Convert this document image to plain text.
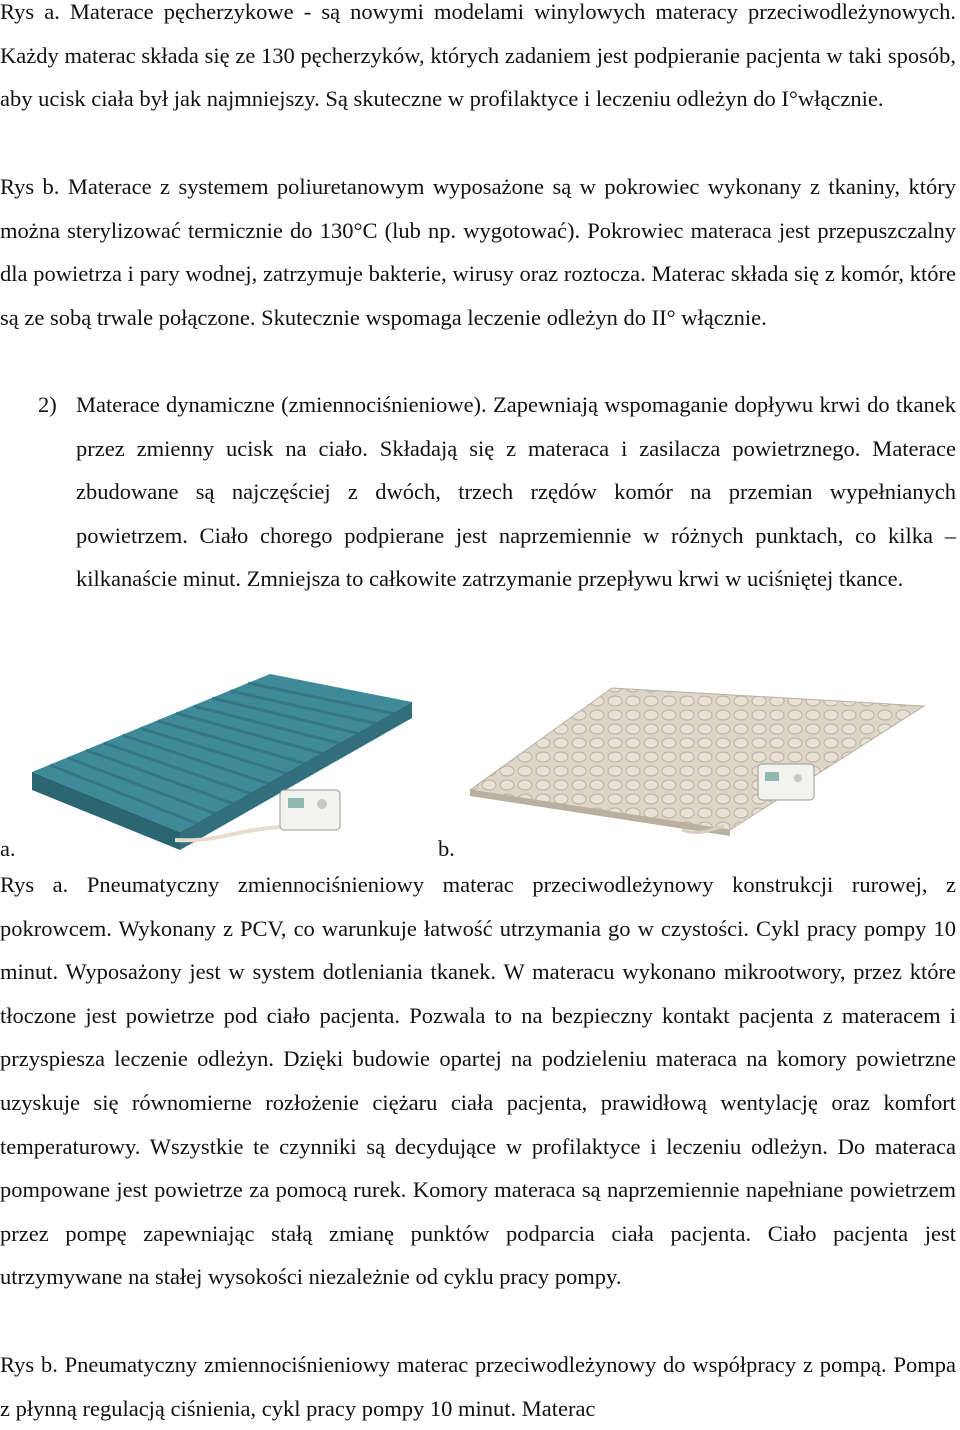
Rys a. Materace pęcherzykowe - są nowymi modelami winylowych materacy przeciwodleżynowych. Każdy materac składa się ze 130 pęcherzyków, których zadaniem jest podpieranie pacjenta w taki sposób, aby ucisk ciała był jak najmniejszy. Są skuteczne w profilaktyce i leczeniu odleżyn do I°włącznie.

Rys b. Materace z systemem poliuretanowym wyposażone są w pokrowiec wykonany z tkaniny, który można sterylizować termicznie do 130°C (lub np. wygotować). Pokrowiec materaca jest przepuszczalny dla powietrza i pary wodnej, zatrzymuje bakterie, wirusy oraz roztocza. Materac składa się z komór, które są ze sobą trwale połączone. Skutecznie wspomaga leczenie odleżyn do II° włącznie.

2) Materace dynamiczne (zmiennociśnieniowe). Zapewniają wspomaganie dopływu krwi do tkanek przez zmienny ucisk na ciało. Składają się z materaca i zasilacza powietrznego. Materace zbudowane są najczęściej z dwóch, trzech rzędów komór na przemian wypełnianych powietrzem. Ciało chorego podpierane jest naprzemiennie w różnych punktach, co kilka – kilkanaście minut. Zmniejsza to całkowite zatrzymanie przepływu krwi w uciśniętej tkance.

a.	b.

Rys a. Pneumatyczny zmiennociśnieniowy materac przeciwodleżynowy konstrukcji rurowej, z pokrowcem. Wykonany z PCV, co warunkuje łatwość utrzymania go w czystości. Cykl pracy pompy 10 minut. Wyposażony jest w system dotleniania tkanek. W materacu wykonano mikrootwory, przez które tłoczone jest powietrze pod ciało pacjenta. Pozwala to na bezpieczny kontakt pacjenta z materacem i przyspiesza leczenie odleżyn. Dzięki budowie opartej na podzieleniu materaca na komory powietrzne uzyskuje się równomierne rozłożenie ciężaru ciała pacjenta, prawidłową wentylację oraz komfort temperaturowy. Wszystkie te czynniki są decydujące w profilaktyce i leczeniu odleżyn. Do materaca pompowane jest powietrze za pomocą rurek. Komory materaca są naprzemiennie napełniane powietrzem przez pompę zapewniając stałą zmianę punktów podparcia ciała pacjenta. Ciało pacjenta jest utrzymywane na stałej wysokości niezależnie od cyklu pracy pompy.

Rys b. Pneumatyczny zmiennociśnieniowy materac przeciwodleżynowy do współpracy z pompą. Pompa z płynną regulacją ciśnienia, cykl pracy pompy 10 minut. Materac
